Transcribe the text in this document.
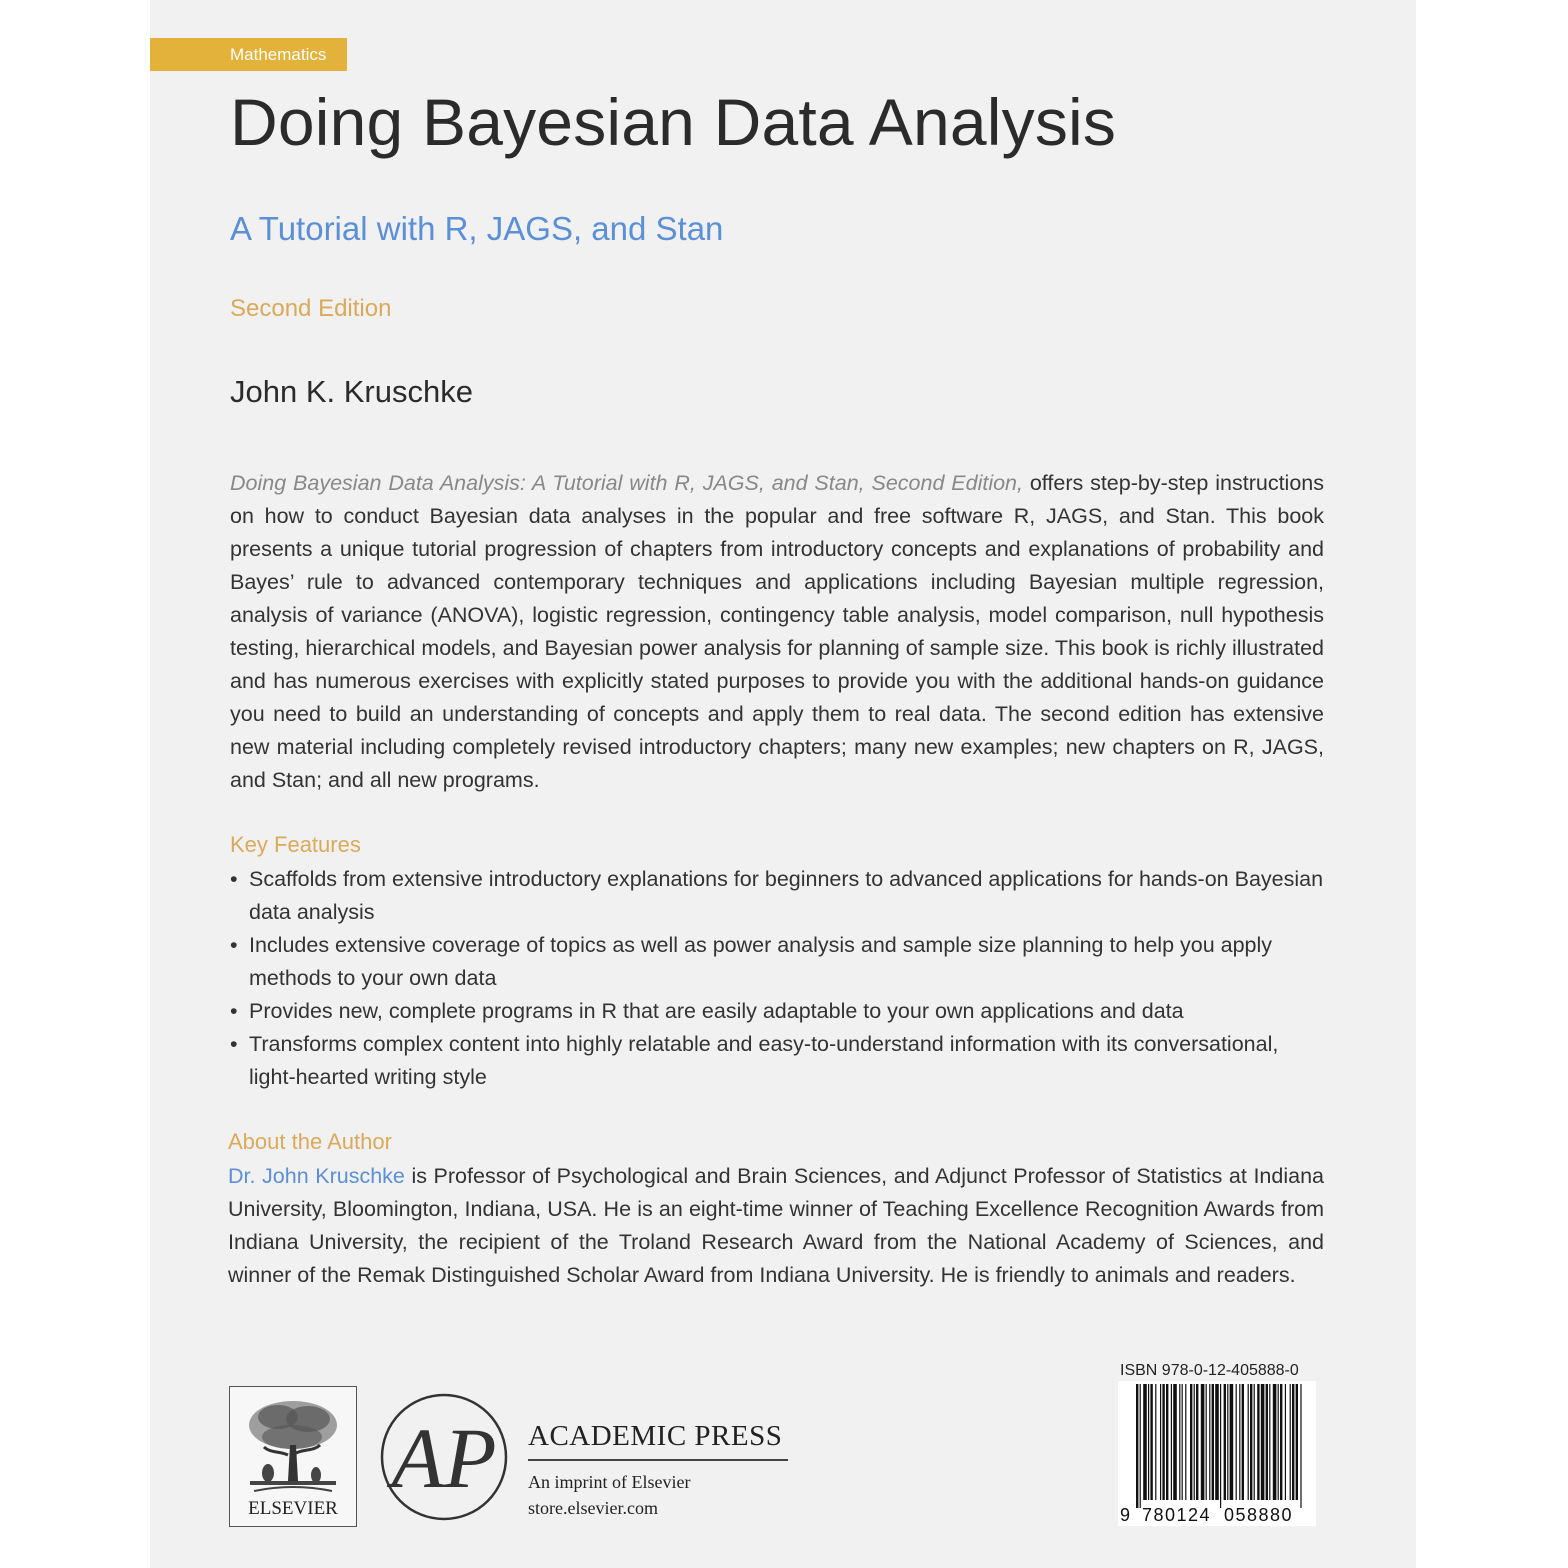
Mathematics
Doing Bayesian Data Analysis
A Tutorial with R, JAGS, and Stan
Second Edition
John K. Kruschke
Doing Bayesian Data Analysis: A Tutorial with R, JAGS, and Stan, Second Edition, offers step-by-step instructions on how to conduct Bayesian data analyses in the popular and free software R, JAGS, and Stan. This book presents a unique tutorial progression of chapters from introductory concepts and explanations of probability and Bayes’ rule to advanced contemporary techniques and applications including Bayesian multiple regression, analysis of variance (ANOVA), logistic regression, contingency table analysis, model comparison, null hypothesis testing, hierarchical models, and Bayesian power analysis for planning of sample size. This book is richly illustrated and has numerous exercises with explicitly stated purposes to provide you with the additional hands-on guidance you need to build an understanding of concepts and apply them to real data. The second edition has extensive new material including completely revised introductory chapters; many new examples; new chapters on R, JAGS, and Stan; and all new programs.
Key Features
• Scaffolds from extensive introductory explanations for beginners to advanced applications for hands-on Bayesian data analysis
• Includes extensive coverage of topics as well as power analysis and sample size planning to help you apply methods to your own data
• Provides new, complete programs in R that are easily adaptable to your own applications and data
• Transforms complex content into highly relatable and easy-to-understand information with its conversational, light-hearted writing style
About the Author
Dr. John Kruschke is Professor of Psychological and Brain Sciences, and Adjunct Professor of Statistics at Indiana University, Bloomington, Indiana, USA. He is an eight-time winner of Teaching Excellence Recognition Awards from Indiana University, the recipient of the Troland Research Award from the National Academy of Sciences, and winner of the Remak Distinguished Scholar Award from Indiana University. He is friendly to animals and readers.
ELSEVIER
AP ACADEMIC PRESS
An imprint of Elsevier
store.elsevier.com
ISBN 978-0-12-405888-0
9 780124 058880
